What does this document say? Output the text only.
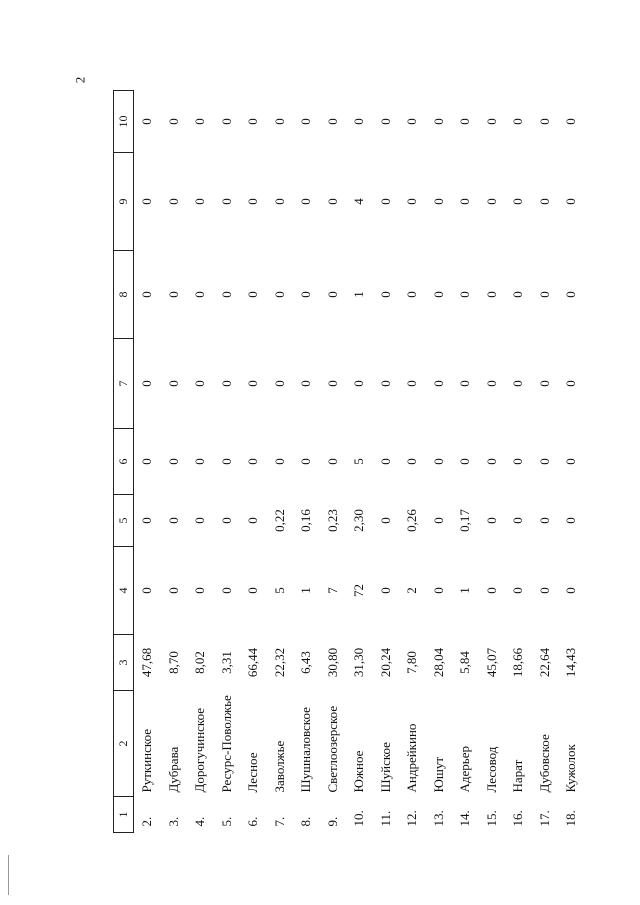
2
1	2	3	4	5	6	7	8	9	10
2.	Руткинское	47,68	0	0	0	0	0	0	0
3.	Дубрава	8,70	0	0	0	0	0	0	0
4.	Дорогучинское	8,02	0	0	0	0	0	0	0
5.	Ресурс-Поволжье	3,31	0	0	0	0	0	0	0
6.	Лесное	66,44	0	0	0	0	0	0	0
7.	Заволжье	22,32	5	0,22	0	0	0	0	0
8.	Шушналовское	6,43	1	0,16	0	0	0	0	0
9.	Светлоозерское	30,80	7	0,23	0	0	0	0	0
10.	Южное	31,30	72	2,30	5	0	1	4	0
11.	Шуйское	20,24	0	0	0	0	0	0	0
12.	Андрейкино	7,80	2	0,26	0	0	0	0	0
13.	Юшут	28,04	0	0	0	0	0	0	0
14.	Адерьер	5,84	1	0,17	0	0	0	0	0
15.	Лесовод	45,07	0	0	0	0	0	0	0
16.	Нарат	18,66	0	0	0	0	0	0	0
17.	Дубовское	22,64	0	0	0	0	0	0	0
18.	Кужолок	14,43	0	0	0	0	0	0	0
